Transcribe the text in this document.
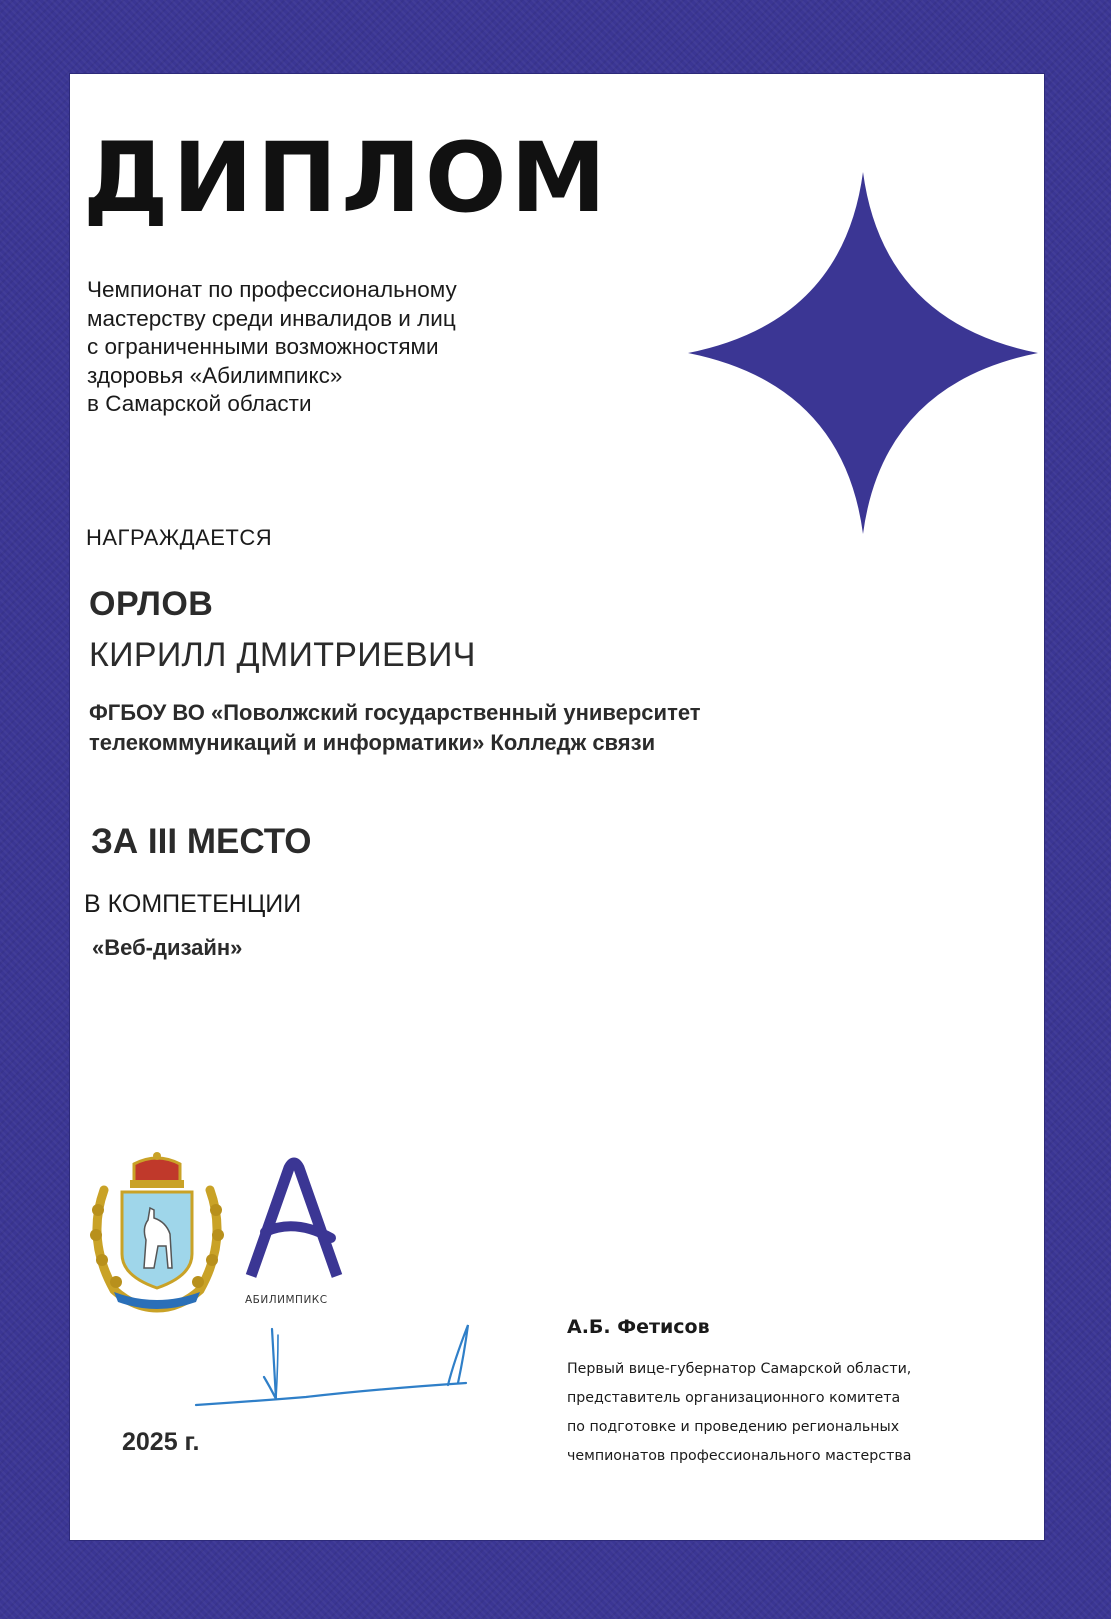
ДИПЛОМ
Чемпионат по профессиональному
мастерству среди инвалидов и лиц
с ограниченными возможностями
здоровья «Абилимпикс»
в Самарской области
НАГРАЖДАЕТСЯ
ОРЛОВ
КИРИЛЛ ДМИТРИЕВИЧ
ФГБОУ ВО «Поволжский государственный университет
телекоммуникаций и информатики» Колледж связи
ЗА III МЕСТО
В КОМПЕТЕНЦИИ
«Веб-дизайн»
АБИЛИМПИКС
2025 г.
А.Б. Фетисов
Первый вице-губернатор Самарской области,
представитель организационного комитета
по подготовке и проведению региональных
чемпионатов профессионального мастерства
